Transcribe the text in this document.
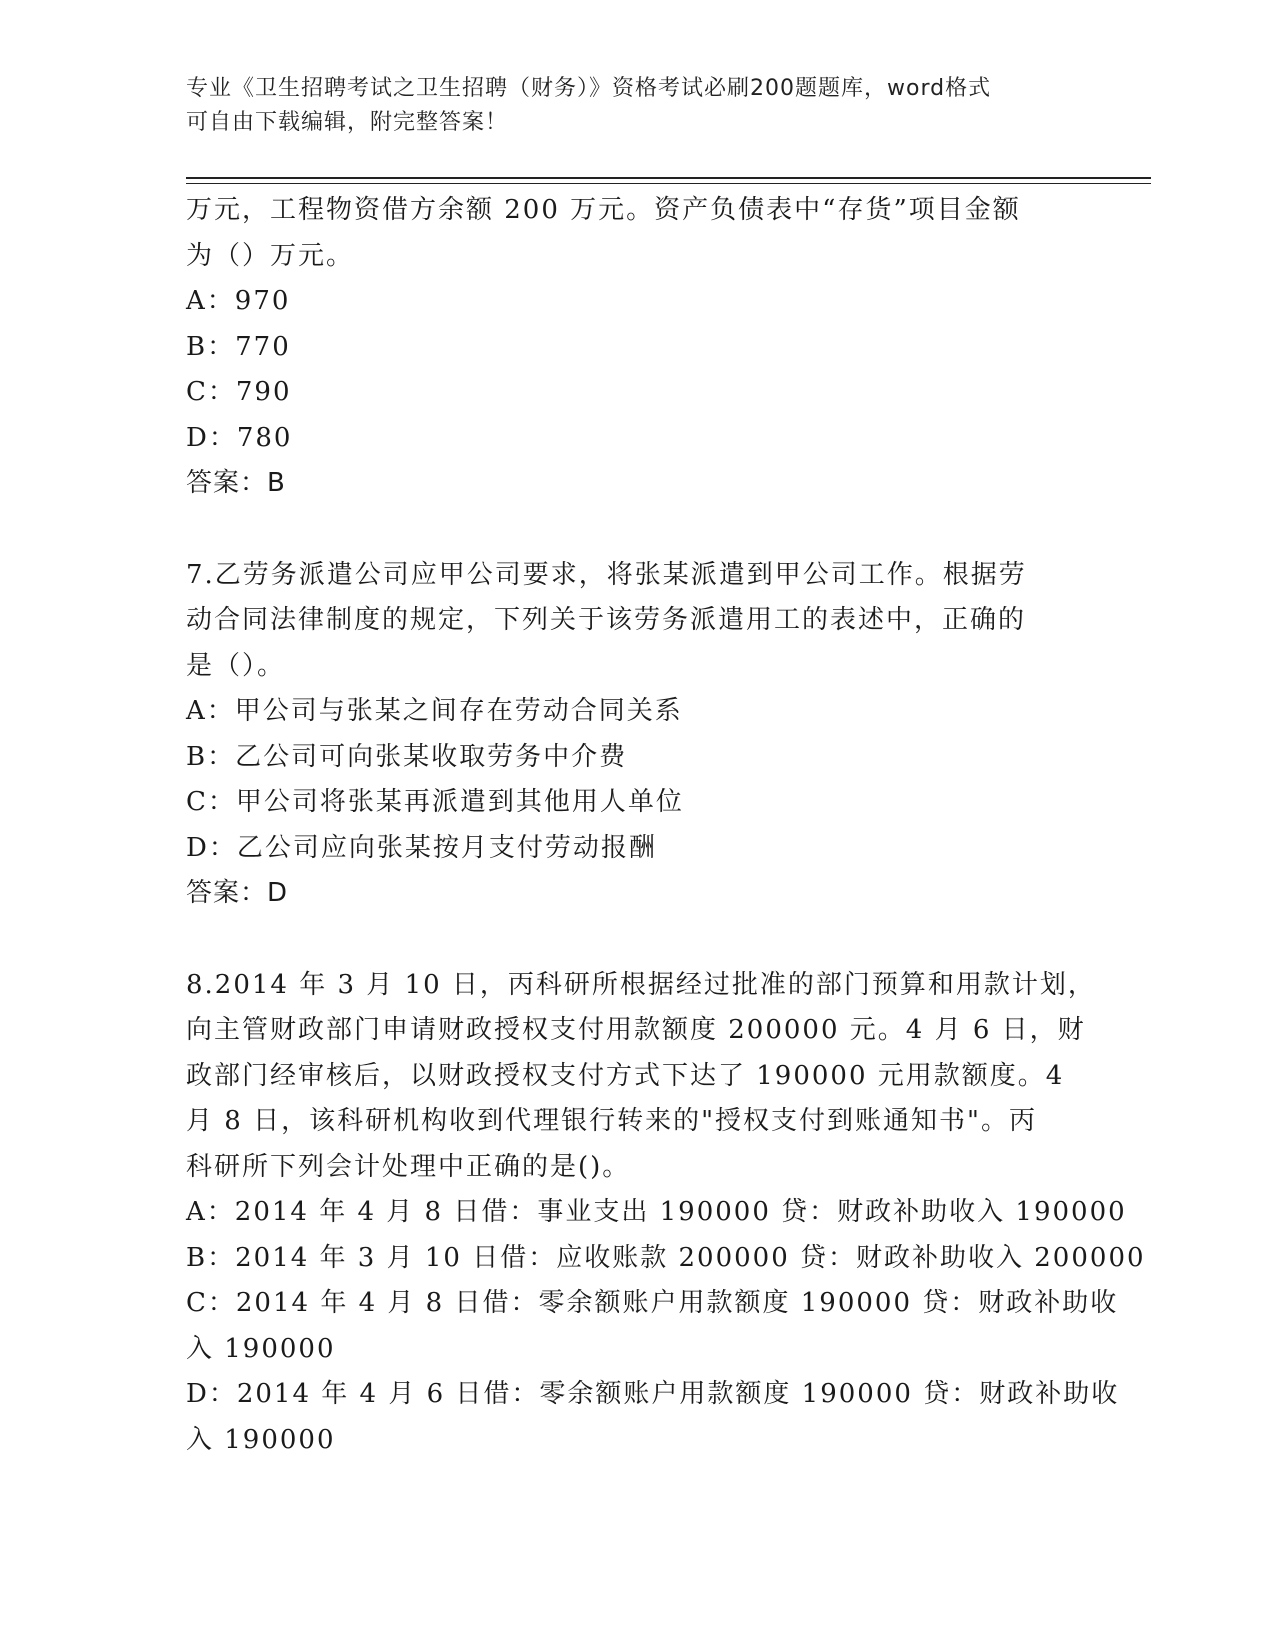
专业《卫生招聘考试之卫生招聘（财务）》资格考试必刷200题题库，word格式
可自由下载编辑，附完整答案！
万元，工程物资借方余额 200 万元。资产负债表中“存货”项目金额
为（）万元。
A：970
B：770
C：790
D：780
答案：B
7.乙劳务派遣公司应甲公司要求，将张某派遣到甲公司工作。根据劳
动合同法律制度的规定，下列关于该劳务派遣用工的表述中，正确的
是（）。
A：甲公司与张某之间存在劳动合同关系
B：乙公司可向张某收取劳务中介费
C：甲公司将张某再派遣到其他用人单位
D：乙公司应向张某按月支付劳动报酬
答案：D
8.2014 年 3 月 10 日，丙科研所根据经过批准的部门预算和用款计划，
向主管财政部门申请财政授权支付用款额度 200000 元。4 月 6 日，财
政部门经审核后，以财政授权支付方式下达了 190000 元用款额度。4
月 8 日，该科研机构收到代理银行转来的"授权支付到账通知书"。丙
科研所下列会计处理中正确的是()。
A：2014 年 4 月 8 日借：事业支出 190000 贷：财政补助收入 190000
B：2014 年 3 月 10 日借：应收账款 200000 贷：财政补助收入 200000
C：2014 年 4 月 8 日借：零余额账户用款额度 190000 贷：财政补助收
入 190000
D：2014 年 4 月 6 日借：零余额账户用款额度 190000 贷：财政补助收
入 190000
